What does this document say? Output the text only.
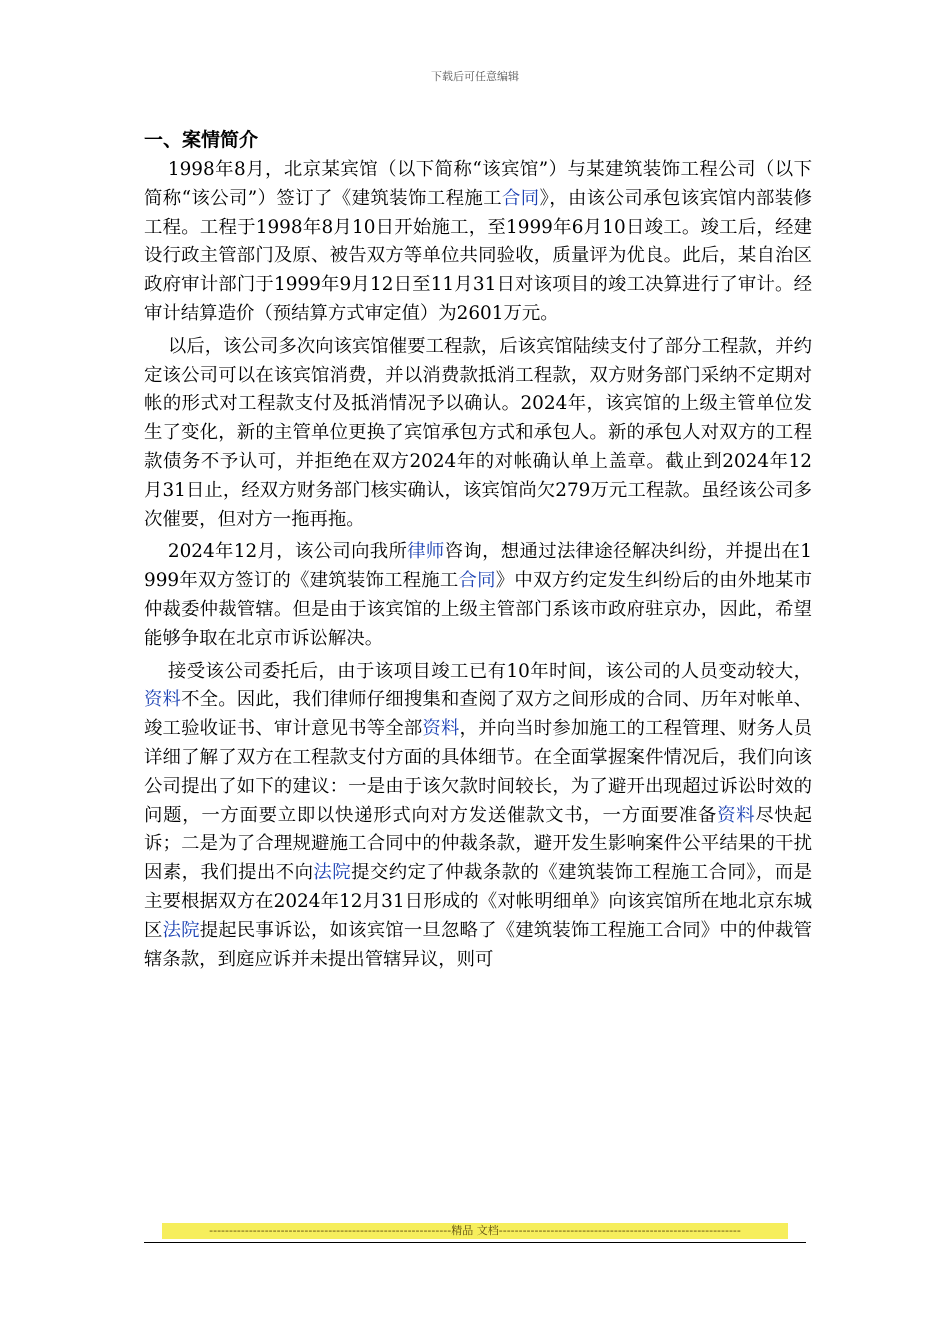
下载后可任意编辑
一、案情简介

1998年8月，北京某宾馆（以下简称“该宾馆”）与某建筑装饰工程公司（以下简称“该公司”）签订了《建筑装饰工程施工合同》，由该公司承包该宾馆内部装修工程。工程于1998年8月10日开始施工，至1999年6月10日竣工。竣工后，经建设行政主管部门及原、被告双方等单位共同验收，质量评为优良。此后，某自治区政府审计部门于1999年9月12日至11月31日对该项目的竣工决算进行了审计。经审计结算造价（预结算方式审定值）为2601万元。

以后，该公司多次向该宾馆催要工程款，后该宾馆陆续支付了部分工程款，并约定该公司可以在该宾馆消费，并以消费款抵消工程款，双方财务部门采纳不定期对帐的形式对工程款支付及抵消情况予以确认。2024年，该宾馆的上级主管单位发生了变化，新的主管单位更换了宾馆承包方式和承包人。新的承包人对双方的工程款债务不予认可，并拒绝在双方2024年的对帐确认单上盖章。截止到2024年12月31日止，经双方财务部门核实确认，该宾馆尚欠279万元工程款。虽经该公司多次催要，但对方一拖再拖。

2024年12月，该公司向我所律师咨询，想通过法律途径解决纠纷，并提出在1999年双方签订的《建筑装饰工程施工合同》中双方约定发生纠纷后的由外地某市仲裁委仲裁管辖。但是由于该宾馆的上级主管部门系该市政府驻京办，因此，希望能够争取在北京市诉讼解决。

接受该公司委托后，由于该项目竣工已有10年时间，该公司的人员变动较大，资料不全。因此，我们律师仔细搜集和查阅了双方之间形成的合同、历年对帐单、竣工验收证书、审计意见书等全部资料，并向当时参加施工的工程管理、财务人员详细了解了双方在工程款支付方面的具体细节。在全面掌握案件情况后，我们向该公司提出了如下的建议：一是由于该欠款时间较长，为了避开出现超过诉讼时效的问题，一方面要立即以快递形式向对方发送催款文书，一方面要准备资料尽快起诉；二是为了合理规避施工合同中的仲裁条款，避开发生影响案件公平结果的干扰因素，我们提出不向法院提交约定了仲裁条款的《建筑装饰工程施工合同》，而是主要根据双方在2024年12月31日形成的《对帐明细单》向该宾馆所在地北京东城区法院提起民事诉讼，如该宾馆一旦忽略了《建筑装饰工程施工合同》中的仲裁管辖条款，到庭应诉并未提出管辖异议，则可

-------------------------------------------------------------精品 文档-------------------------------------------------------------
